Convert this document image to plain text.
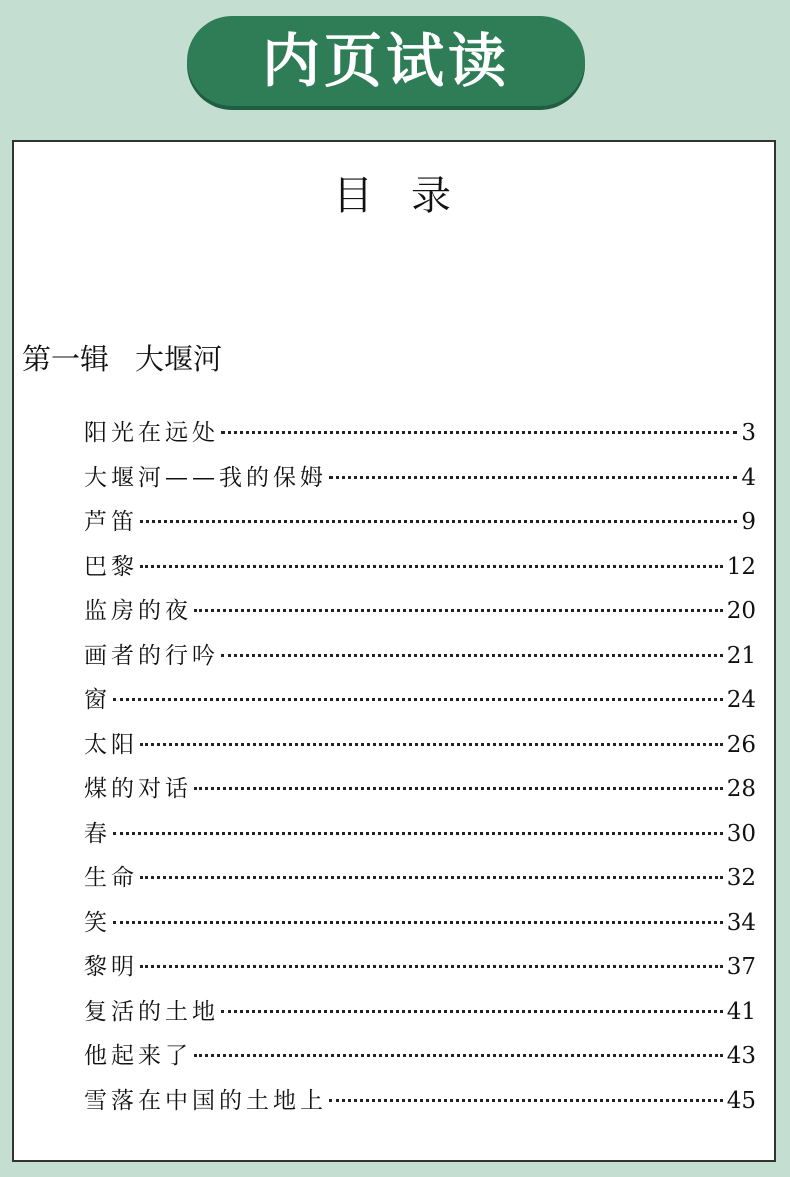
内页试读
目 录
第一辑 大堰河
阳光在远处	3
大堰河——我的保姆	4
芦笛	9
巴黎	12
监房的夜	20
画者的行吟	21
窗	24
太阳	26
煤的对话	28
春	30
生命	32
笑	34
黎明	37
复活的土地	41
他起来了	43
雪落在中国的土地上	45
